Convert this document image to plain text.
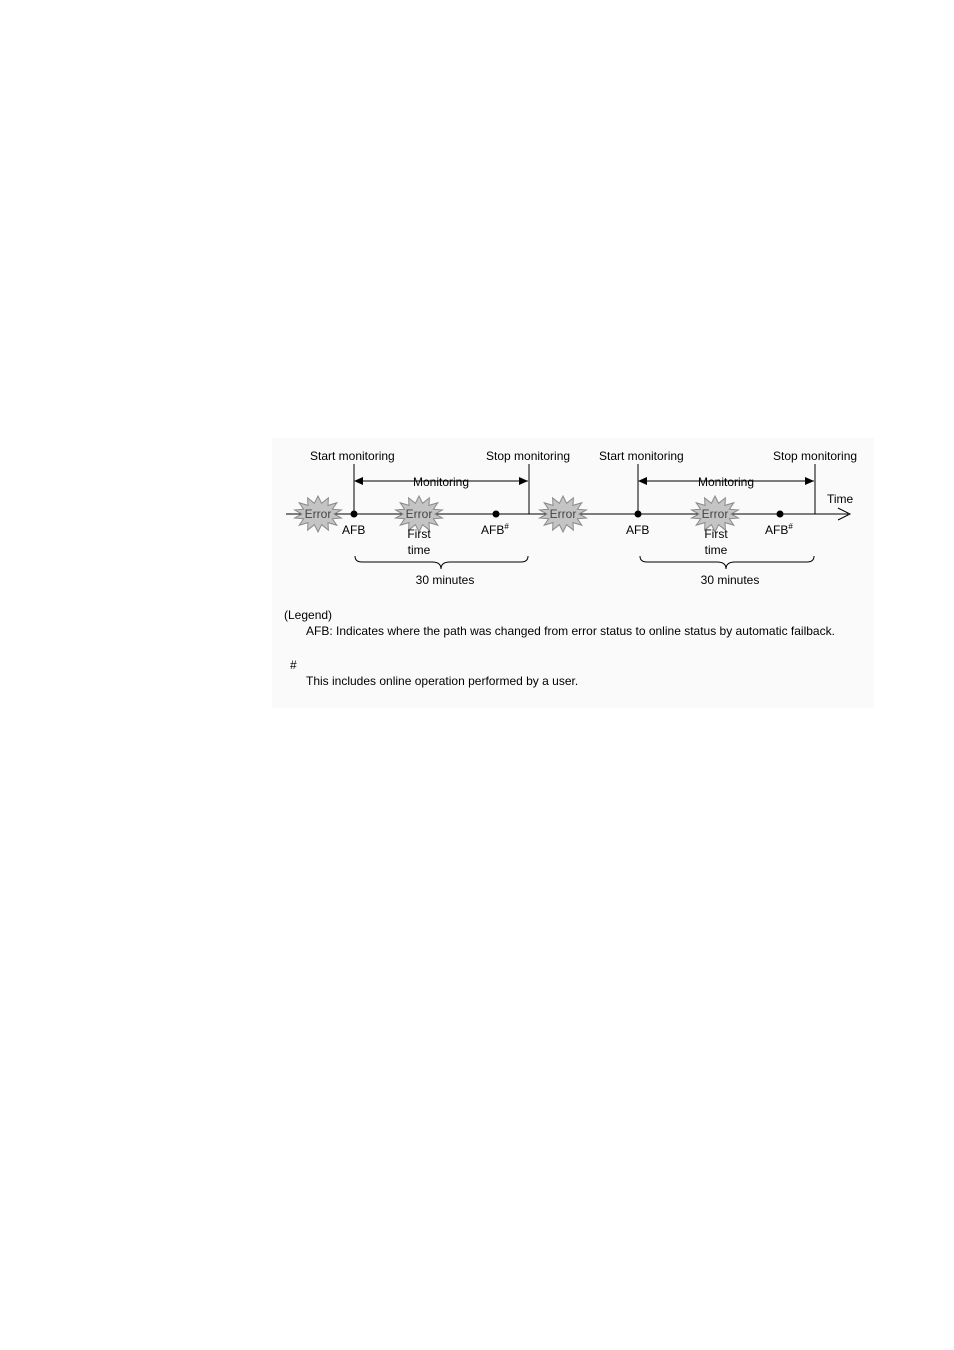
Time
Error	Error
Start monitoring	Stop monitoring
Monitoring
AFB
Error
First
time
AFB#
30 minutes
Start monitoring	Stop monitoring
Monitoring
AFB
Error
First
time
AFB#
30 minutes

(Legend)

AFB: Indicates where the path was changed from error status to online status by automatic failback.

#

This includes online operation performed by a user.
